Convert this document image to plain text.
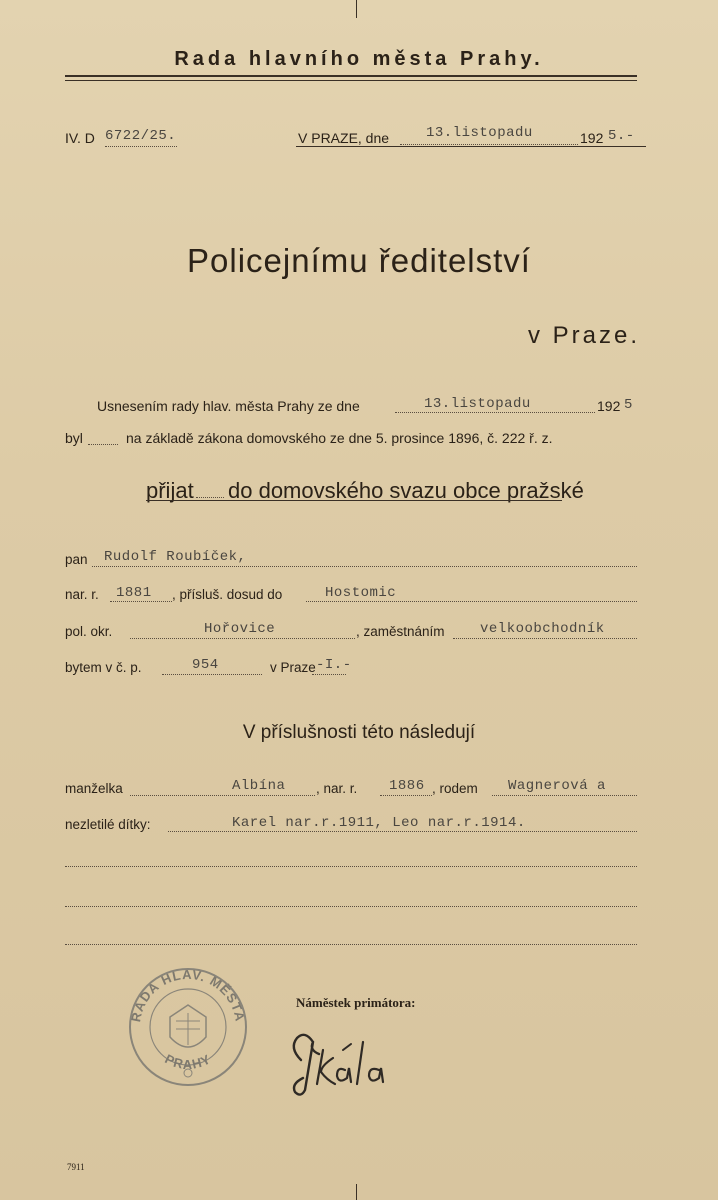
Rada hlavního města Prahy.
IV. D 6722/25.	V PRAZE, dne	13.listopadu	192 5.-
Policejnímu ředitelství
v Praze.
Usnesením rady hlav. města Prahy ze dne	13.listopadu	192 5
byl	na základě zákona domovského ze dne 5. prosince 1896, č. 222 ř. z.
přijat do domovského svazu obce pražské
pan Rudolf Roubíček,
nar. r. 1881 , přísluš. dosud do	Hostomic
pol. okr.	Hořovice	, zaměstnáním	velkoobchodník
bytem v č. p.	954	v Praze -I.-
V příslušnosti této následují
manželka	Albína , nar. r. 1886 , rodem Wagnerová a
nezletilé dítky:	Karel nar.r.1911, Leo nar.r.1914.
RADA HLAV. MĚSTA
PRAHY
Náměstek primátora:
7911
